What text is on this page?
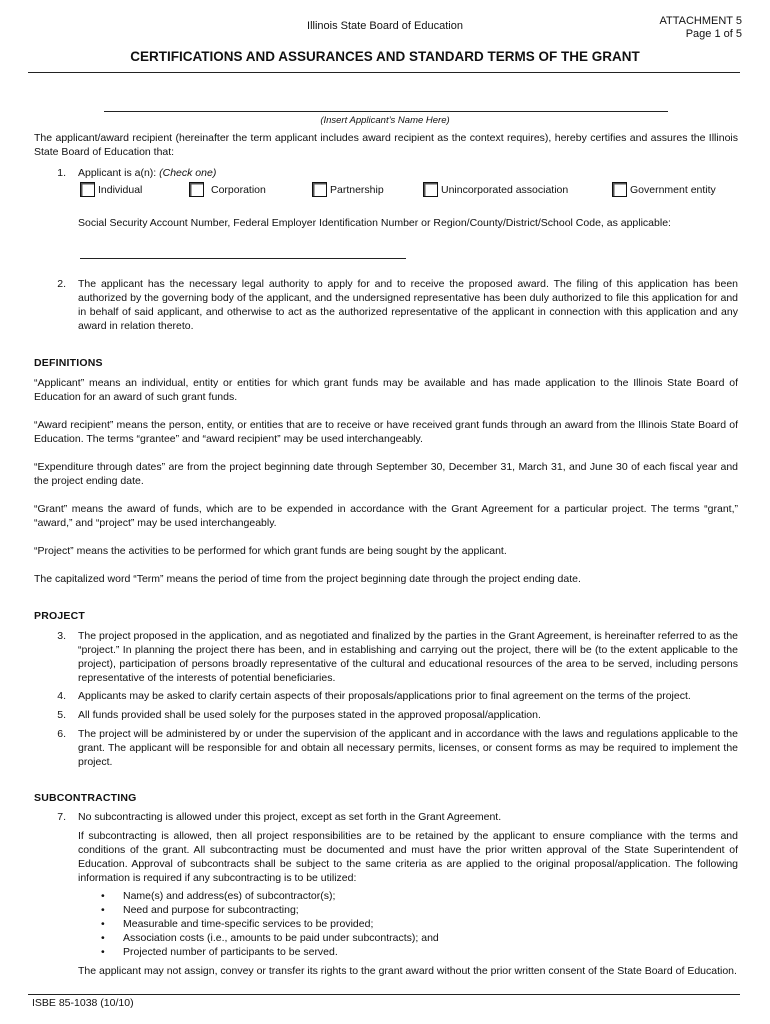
Illinois State Board of Education	ATTACHMENT 5
Page 1 of 5
CERTIFICATIONS AND ASSURANCES AND STANDARD TERMS OF THE GRANT
(Insert Applicant’s Name Here)
The applicant/award recipient (hereinafter the term applicant includes award recipient as the context requires), hereby certifies and assures the Illinois State Board of Education that:
1. Applicant is a(n): (Check one)
Individual	Corporation	Partnership	Unincorporated association	Government entity
Social Security Account Number, Federal Employer Identification Number or Region/County/District/School Code, as applicable:
2. The applicant has the necessary legal authority to apply for and to receive the proposed award. The filing of this application has been authorized by the governing body of the applicant, and the undersigned representative has been duly authorized to file this application for and in behalf of said applicant, and otherwise to act as the authorized representative of the applicant in connection with this application and any award in relation thereto.
DEFINITIONS
“Applicant” means an individual, entity or entities for which grant funds may be available and has made application to the Illinois State Board of Education for an award of such grant funds.
“Award recipient” means the person, entity, or entities that are to receive or have received grant funds through an award from the Illinois State Board of Education. The terms “grantee” and “award recipient” may be used interchangeably.
“Expenditure through dates” are from the project beginning date through September 30, December 31, March 31, and June 30 of each fiscal year and the project ending date.
“Grant” means the award of funds, which are to be expended in accordance with the Grant Agreement for a particular project. The terms “grant,” “award,” and “project” may be used interchangeably.
“Project” means the activities to be performed for which grant funds are being sought by the applicant.
The capitalized word “Term” means the period of time from the project beginning date through the project ending date.
PROJECT
3. The project proposed in the application, and as negotiated and finalized by the parties in the Grant Agreement, is hereinafter referred to as the “project.” In planning the project there has been, and in establishing and carrying out the project, there will be (to the extent applicable to the project), participation of persons broadly representative of the cultural and educational resources of the area to be served, including persons representative of the interests of potential beneficiaries.
4. Applicants may be asked to clarify certain aspects of their proposals/applications prior to final agreement on the terms of the project.
5. All funds provided shall be used solely for the purposes stated in the approved proposal/application.
6. The project will be administered by or under the supervision of the applicant and in accordance with the laws and regulations applicable to the grant. The applicant will be responsible for and obtain all necessary permits, licenses, or consent forms as may be required to implement the project.
SUBCONTRACTING
7. No subcontracting is allowed under this project, except as set forth in the Grant Agreement.
If subcontracting is allowed, then all project responsibilities are to be retained by the applicant to ensure compliance with the terms and conditions of the grant. All subcontracting must be documented and must have the prior written approval of the State Superintendent of Education. Approval of subcontracts shall be subject to the same criteria as are applied to the original proposal/application. The following information is required if any subcontracting is to be utilized:
• Name(s) and address(es) of subcontractor(s);
• Need and purpose for subcontracting;
• Measurable and time-specific services to be provided;
• Association costs (i.e., amounts to be paid under subcontracts); and
• Projected number of participants to be served.
The applicant may not assign, convey or transfer its rights to the grant award without the prior written consent of the State Board of Education.
ISBE 85-1038 (10/10)
